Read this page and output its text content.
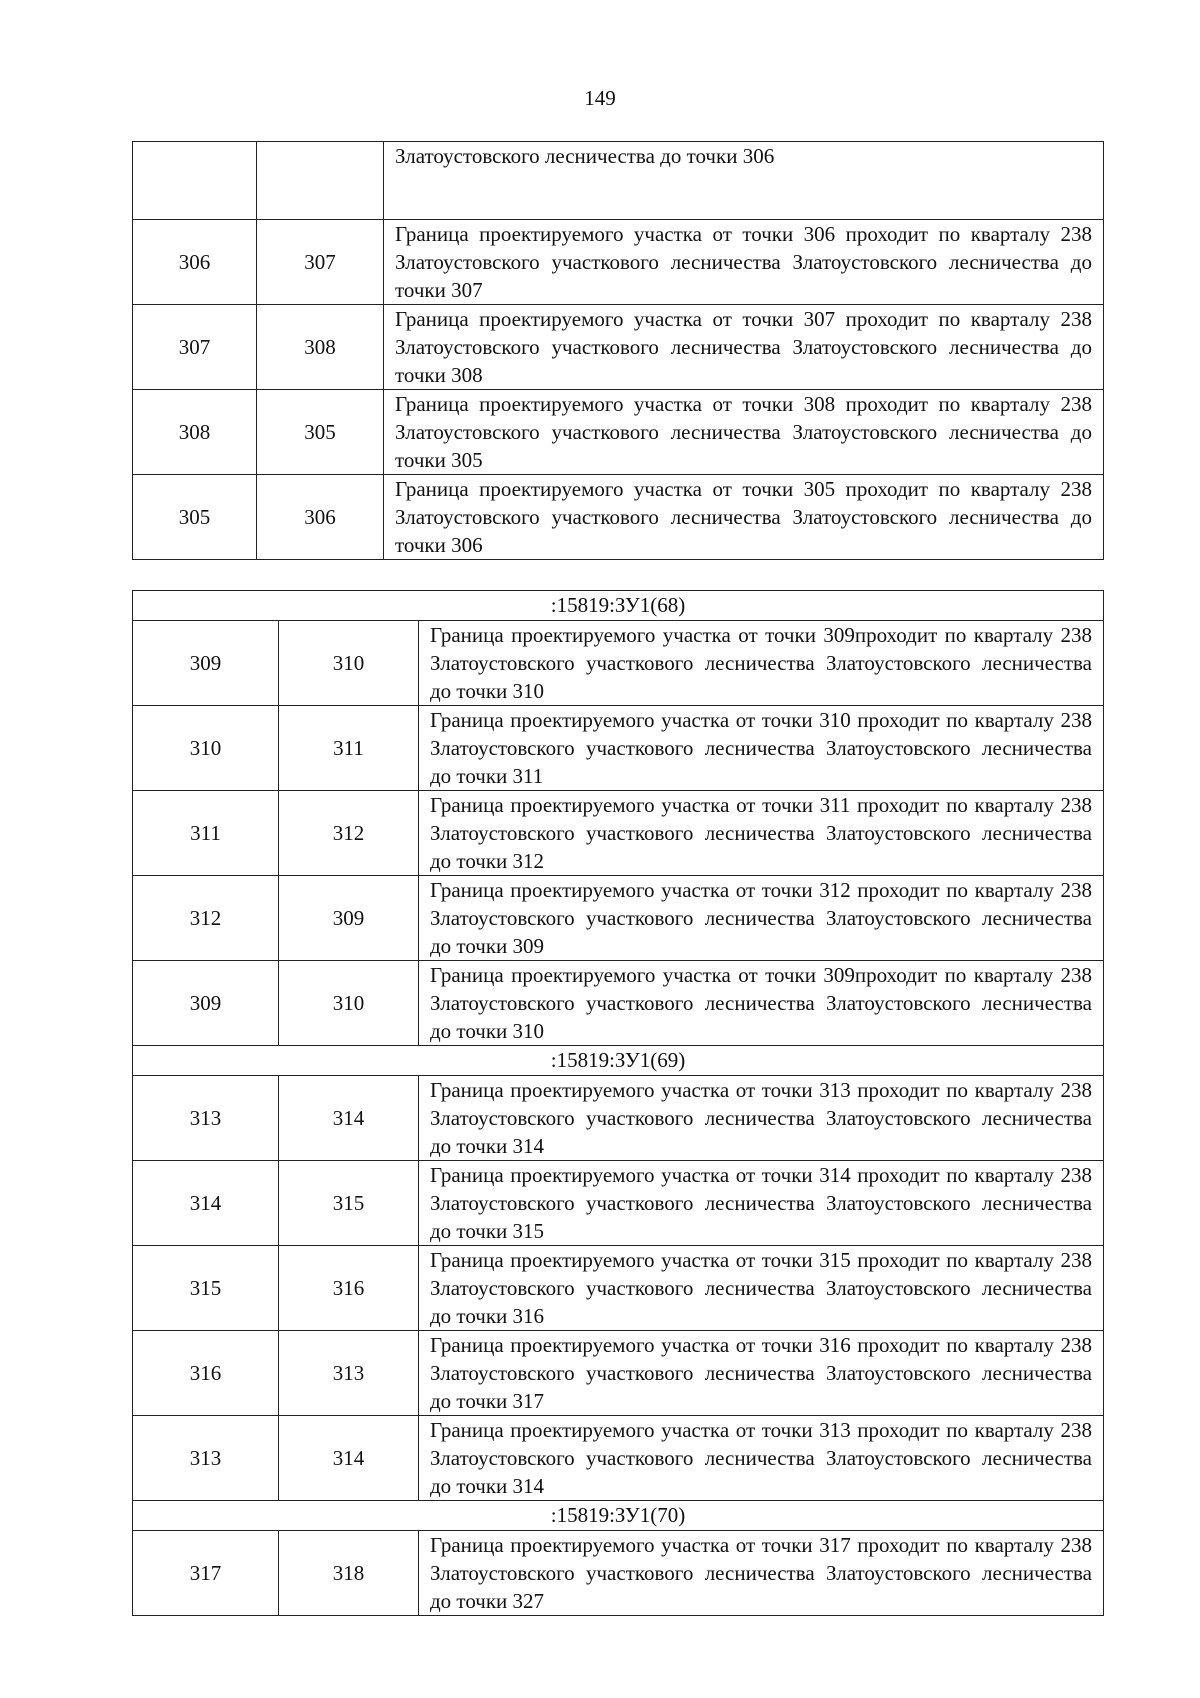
149
		Златоустовского лесничества до точки 306
306	307	Граница проектируемого участка от точки 306 проходит по кварталу 238 Златоустовского участкового лесничества Златоустовского лесничества до точки 307
307	308	Граница проектируемого участка от точки 307 проходит по кварталу 238 Златоустовского участкового лесничества Златоустовского лесничества до точки 308
308	305	Граница проектируемого участка от точки 308 проходит по кварталу 238 Златоустовского участкового лесничества Златоустовского лесничества до точки 305
305	306	Граница проектируемого участка от точки 305 проходит по кварталу 238 Златоустовского участкового лесничества Златоустовского лесничества до точки 306
:15819:ЗУ1(68)		
309	310	Граница проектируемого участка от точки 309проходит по кварталу 238 Златоустовского участкового лесничества Златоустовского лесничества до точки 310
310	311	Граница проектируемого участка от точки 310 проходит по кварталу 238 Златоустовского участкового лесничества Златоустовского лесничества до точки 311
311	312	Граница проектируемого участка от точки 311 проходит по кварталу 238 Златоустовского участкового лесничества Златоустовского лесничества до точки 312
312	309	Граница проектируемого участка от точки 312 проходит по кварталу 238 Златоустовского участкового лесничества Златоустовского лесничества до точки 309
309	310	Граница проектируемого участка от точки 309проходит по кварталу 238 Златоустовского участкового лесничества Златоустовского лесничества до точки 310
:15819:ЗУ1(69)		
313	314	Граница проектируемого участка от точки 313 проходит по кварталу 238 Златоустовского участкового лесничества Златоустовского лесничества до точки 314
314	315	Граница проектируемого участка от точки 314 проходит по кварталу 238 Златоустовского участкового лесничества Златоустовского лесничества до точки 315
315	316	Граница проектируемого участка от точки 315 проходит по кварталу 238 Златоустовского участкового лесничества Златоустовского лесничества до точки 316
316	313	Граница проектируемого участка от точки 316 проходит по кварталу 238 Златоустовского участкового лесничества Златоустовского лесничества до точки 317
313	314	Граница проектируемого участка от точки 313 проходит по кварталу 238 Златоустовского участкового лесничества Златоустовского лесничества до точки 314
:15819:ЗУ1(70)		
317	318	Граница проектируемого участка от точки 317 проходит по кварталу 238 Златоустовского участкового лесничества Златоустовского лесничества до точки 327
